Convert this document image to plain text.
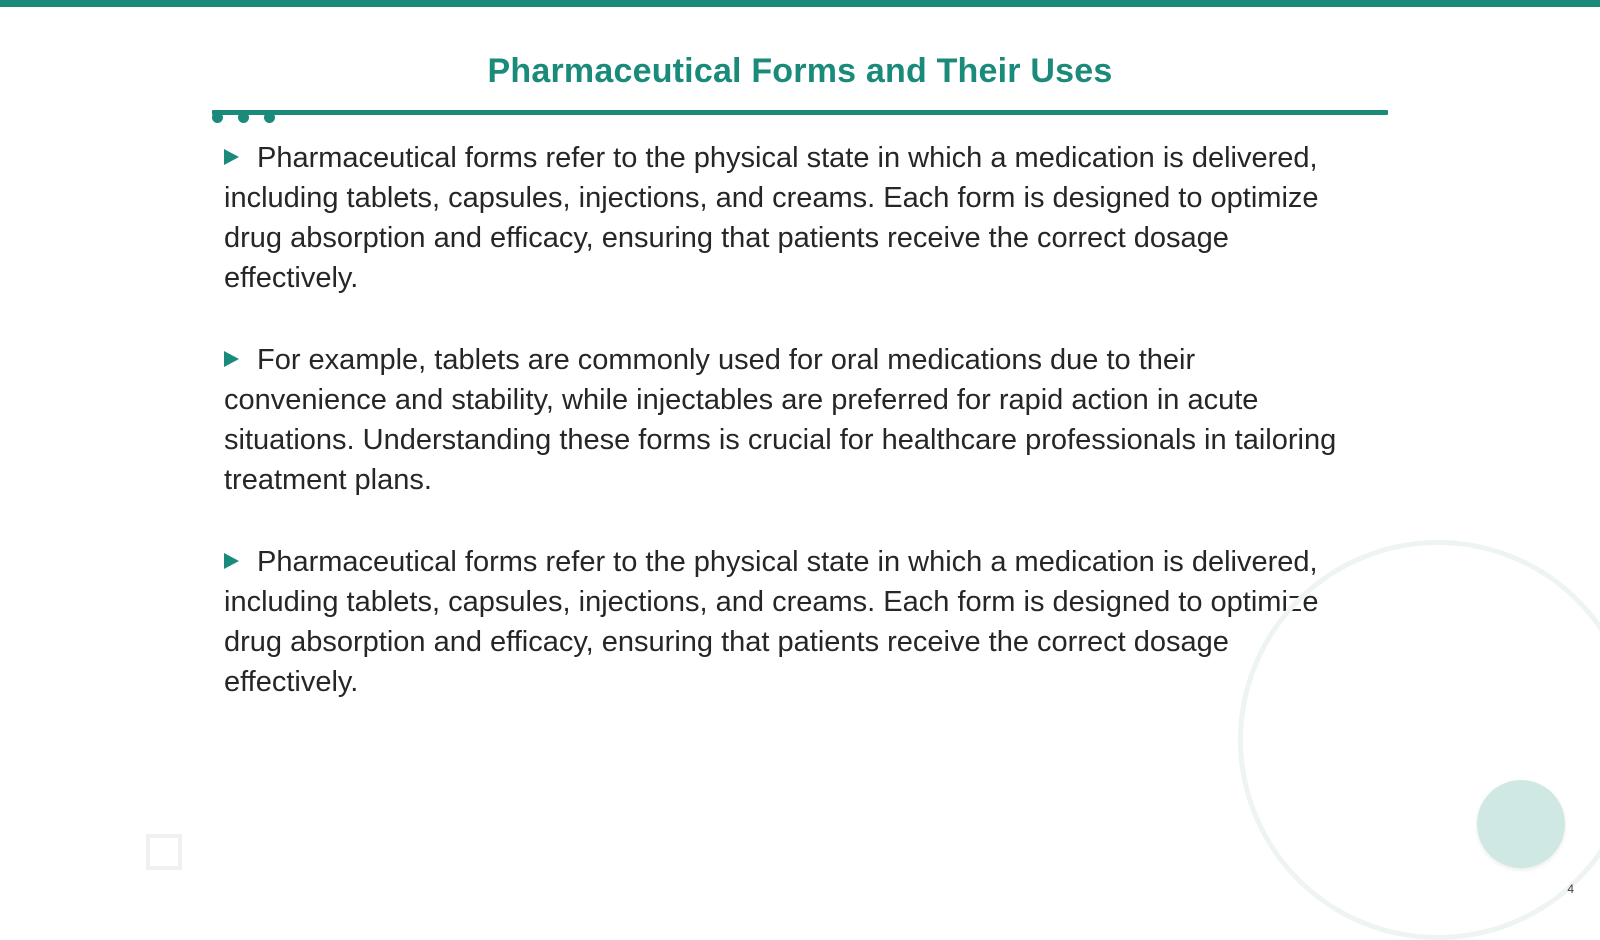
Pharmaceutical Forms and Their Uses

Pharmaceutical forms refer to the physical state in which a medication is delivered, including tablets, capsules, injections, and creams. Each form is designed to optimize drug absorption and efficacy, ensuring that patients receive the correct dosage effectively.

For example, tablets are commonly used for oral medications due to their convenience and stability, while injectables are preferred for rapid action in acute situations. Understanding these forms is crucial for healthcare professionals in tailoring treatment plans.

Pharmaceutical forms refer to the physical state in which a medication is delivered, including tablets, capsules, injections, and creams. Each form is designed to optimize drug absorption and efficacy, ensuring that patients receive the correct dosage effectively.

4
